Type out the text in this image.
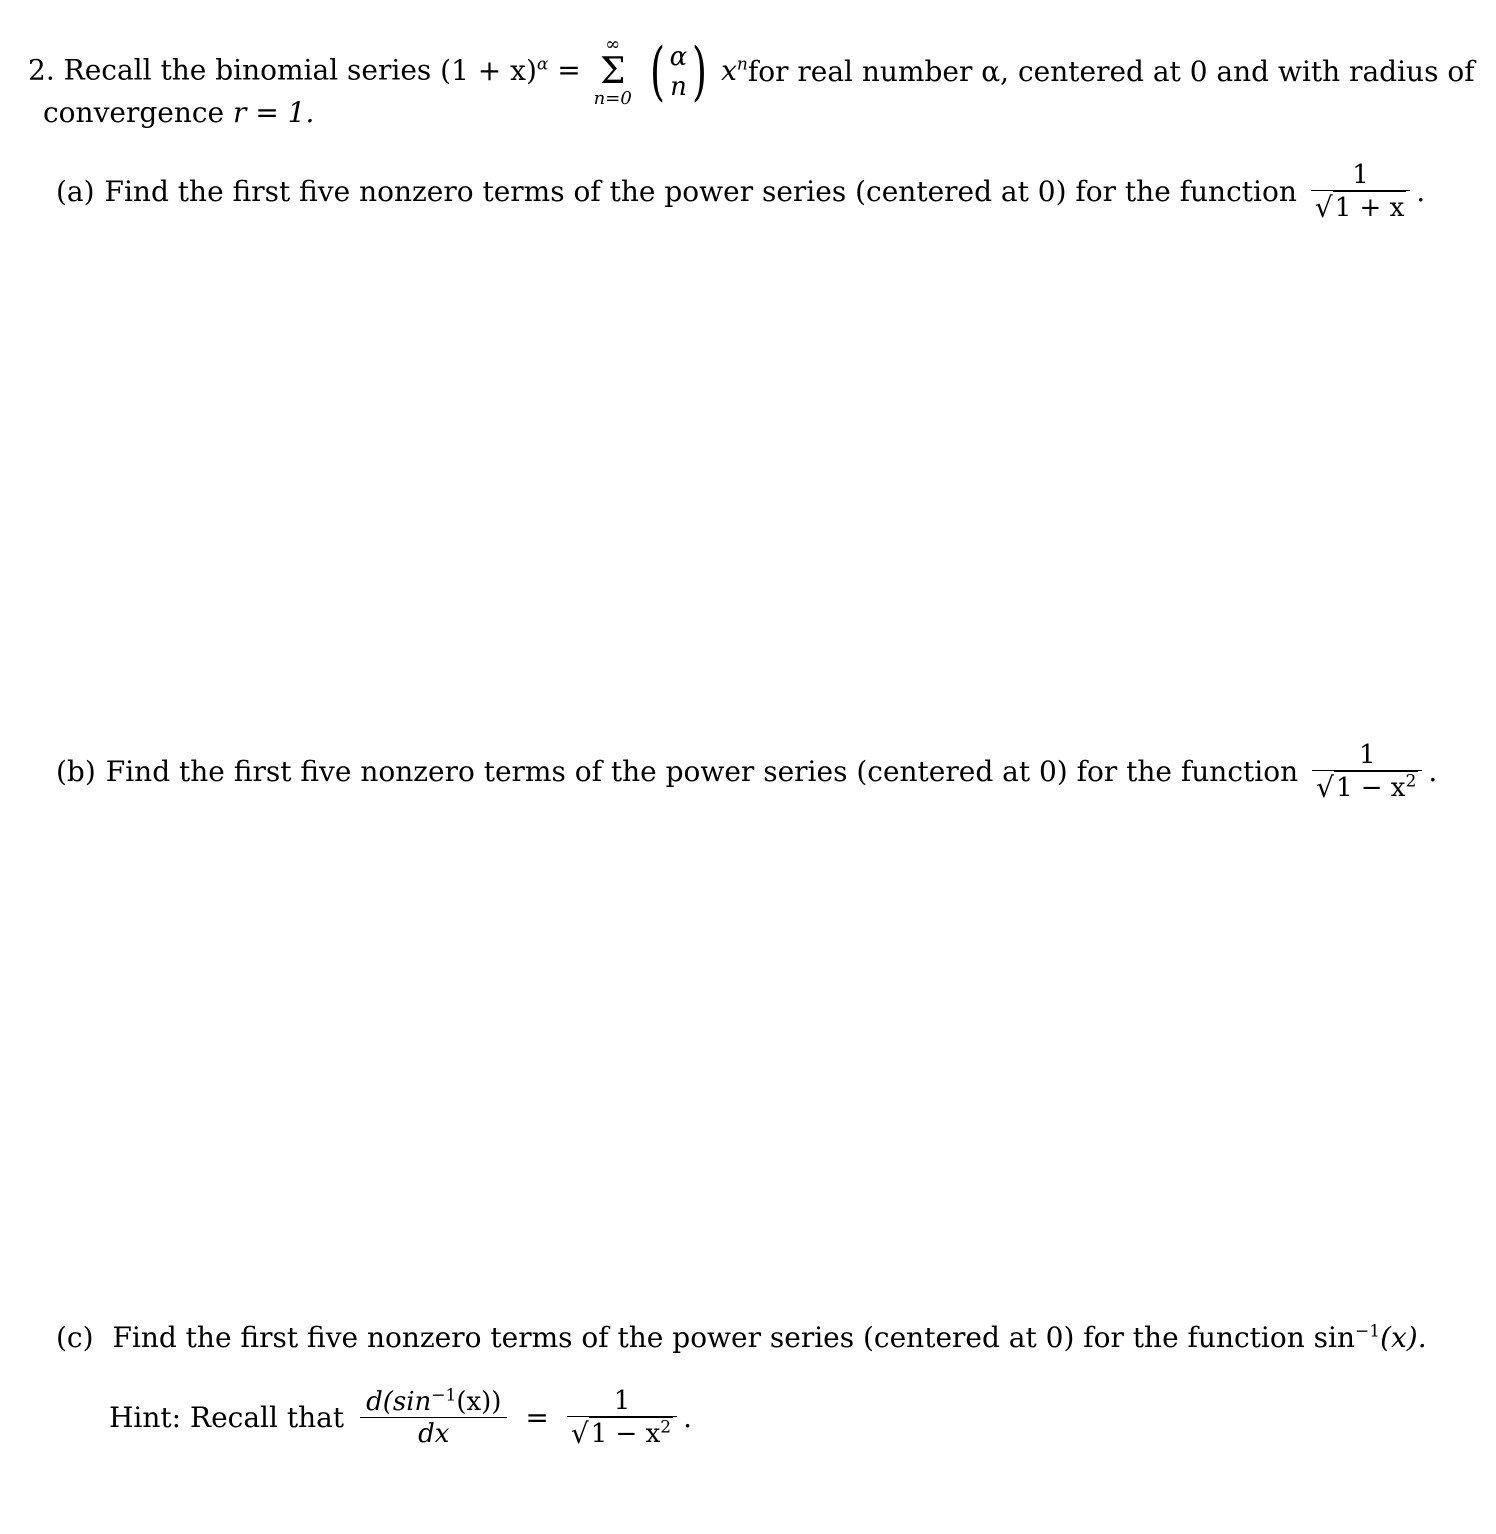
2. Recall the binomial series $(1 + x)^\alpha$ =
∞
Σ
n=0
( α
n ) $x^n$ for real number α, centered at 0 and with radius of
convergence r = 1.
(a) Find the first five nonzero terms of the power series (centered at 0) for the function $\frac{1}{√ 1 + x}$ .
(b) Find the first five nonzero terms of the power series (centered at 0) for the function $\frac{1}{√ 1 - x^2}$ .
(c) Find the first five nonzero terms of the power series (centered at 0) for the function $\sin^{-1}(x)$.
Hint: Recall that $\frac{d(\sin^{-1}(x))}{dx} = \frac{1}{√ 1 - x^2}$ .
